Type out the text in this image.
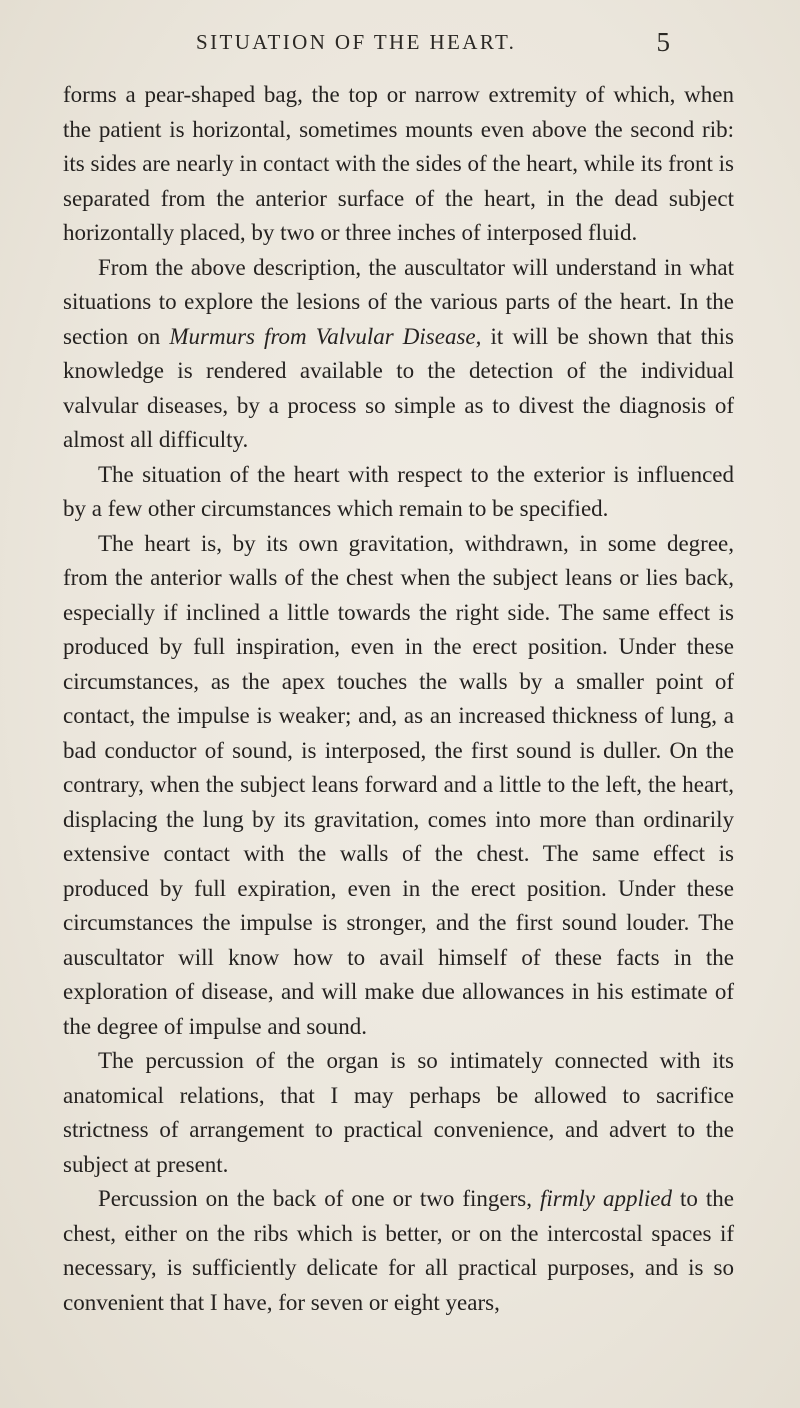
SITUATION OF THE HEART.	5

forms a pear-shaped bag, the top or narrow extremity of which, when the patient is horizontal, sometimes mounts even above the second rib: its sides are nearly in contact with the sides of the heart, while its front is separated from the anterior surface of the heart, in the dead subject horizontally placed, by two or three inches of interposed fluid.

From the above description, the auscultator will understand in what situations to explore the lesions of the various parts of the heart. In the section on Murmurs from Valvular Disease, it will be shown that this knowledge is rendered available to the detection of the individual valvular diseases, by a process so simple as to divest the diagnosis of almost all difficulty.

The situation of the heart with respect to the exterior is influenced by a few other circumstances which remain to be specified.

The heart is, by its own gravitation, withdrawn, in some degree, from the anterior walls of the chest when the subject leans or lies back, especially if inclined a little towards the right side. The same effect is produced by full inspiration, even in the erect position. Under these circumstances, as the apex touches the walls by a smaller point of contact, the impulse is weaker; and, as an increased thickness of lung, a bad conductor of sound, is interposed, the first sound is duller. On the contrary, when the subject leans forward and a little to the left, the heart, displacing the lung by its gravitation, comes into more than ordinarily extensive contact with the walls of the chest. The same effect is produced by full expiration, even in the erect position. Under these circumstances the impulse is stronger, and the first sound louder. The auscultator will know how to avail himself of these facts in the exploration of disease, and will make due allowances in his estimate of the degree of impulse and sound.

The percussion of the organ is so intimately connected with its anatomical relations, that I may perhaps be allowed to sacrifice strictness of arrangement to practical convenience, and advert to the subject at present.

Percussion on the back of one or two fingers, firmly applied to the chest, either on the ribs which is better, or on the intercostal spaces if necessary, is sufficiently delicate for all practical purposes, and is so convenient that I have, for seven or eight years,
